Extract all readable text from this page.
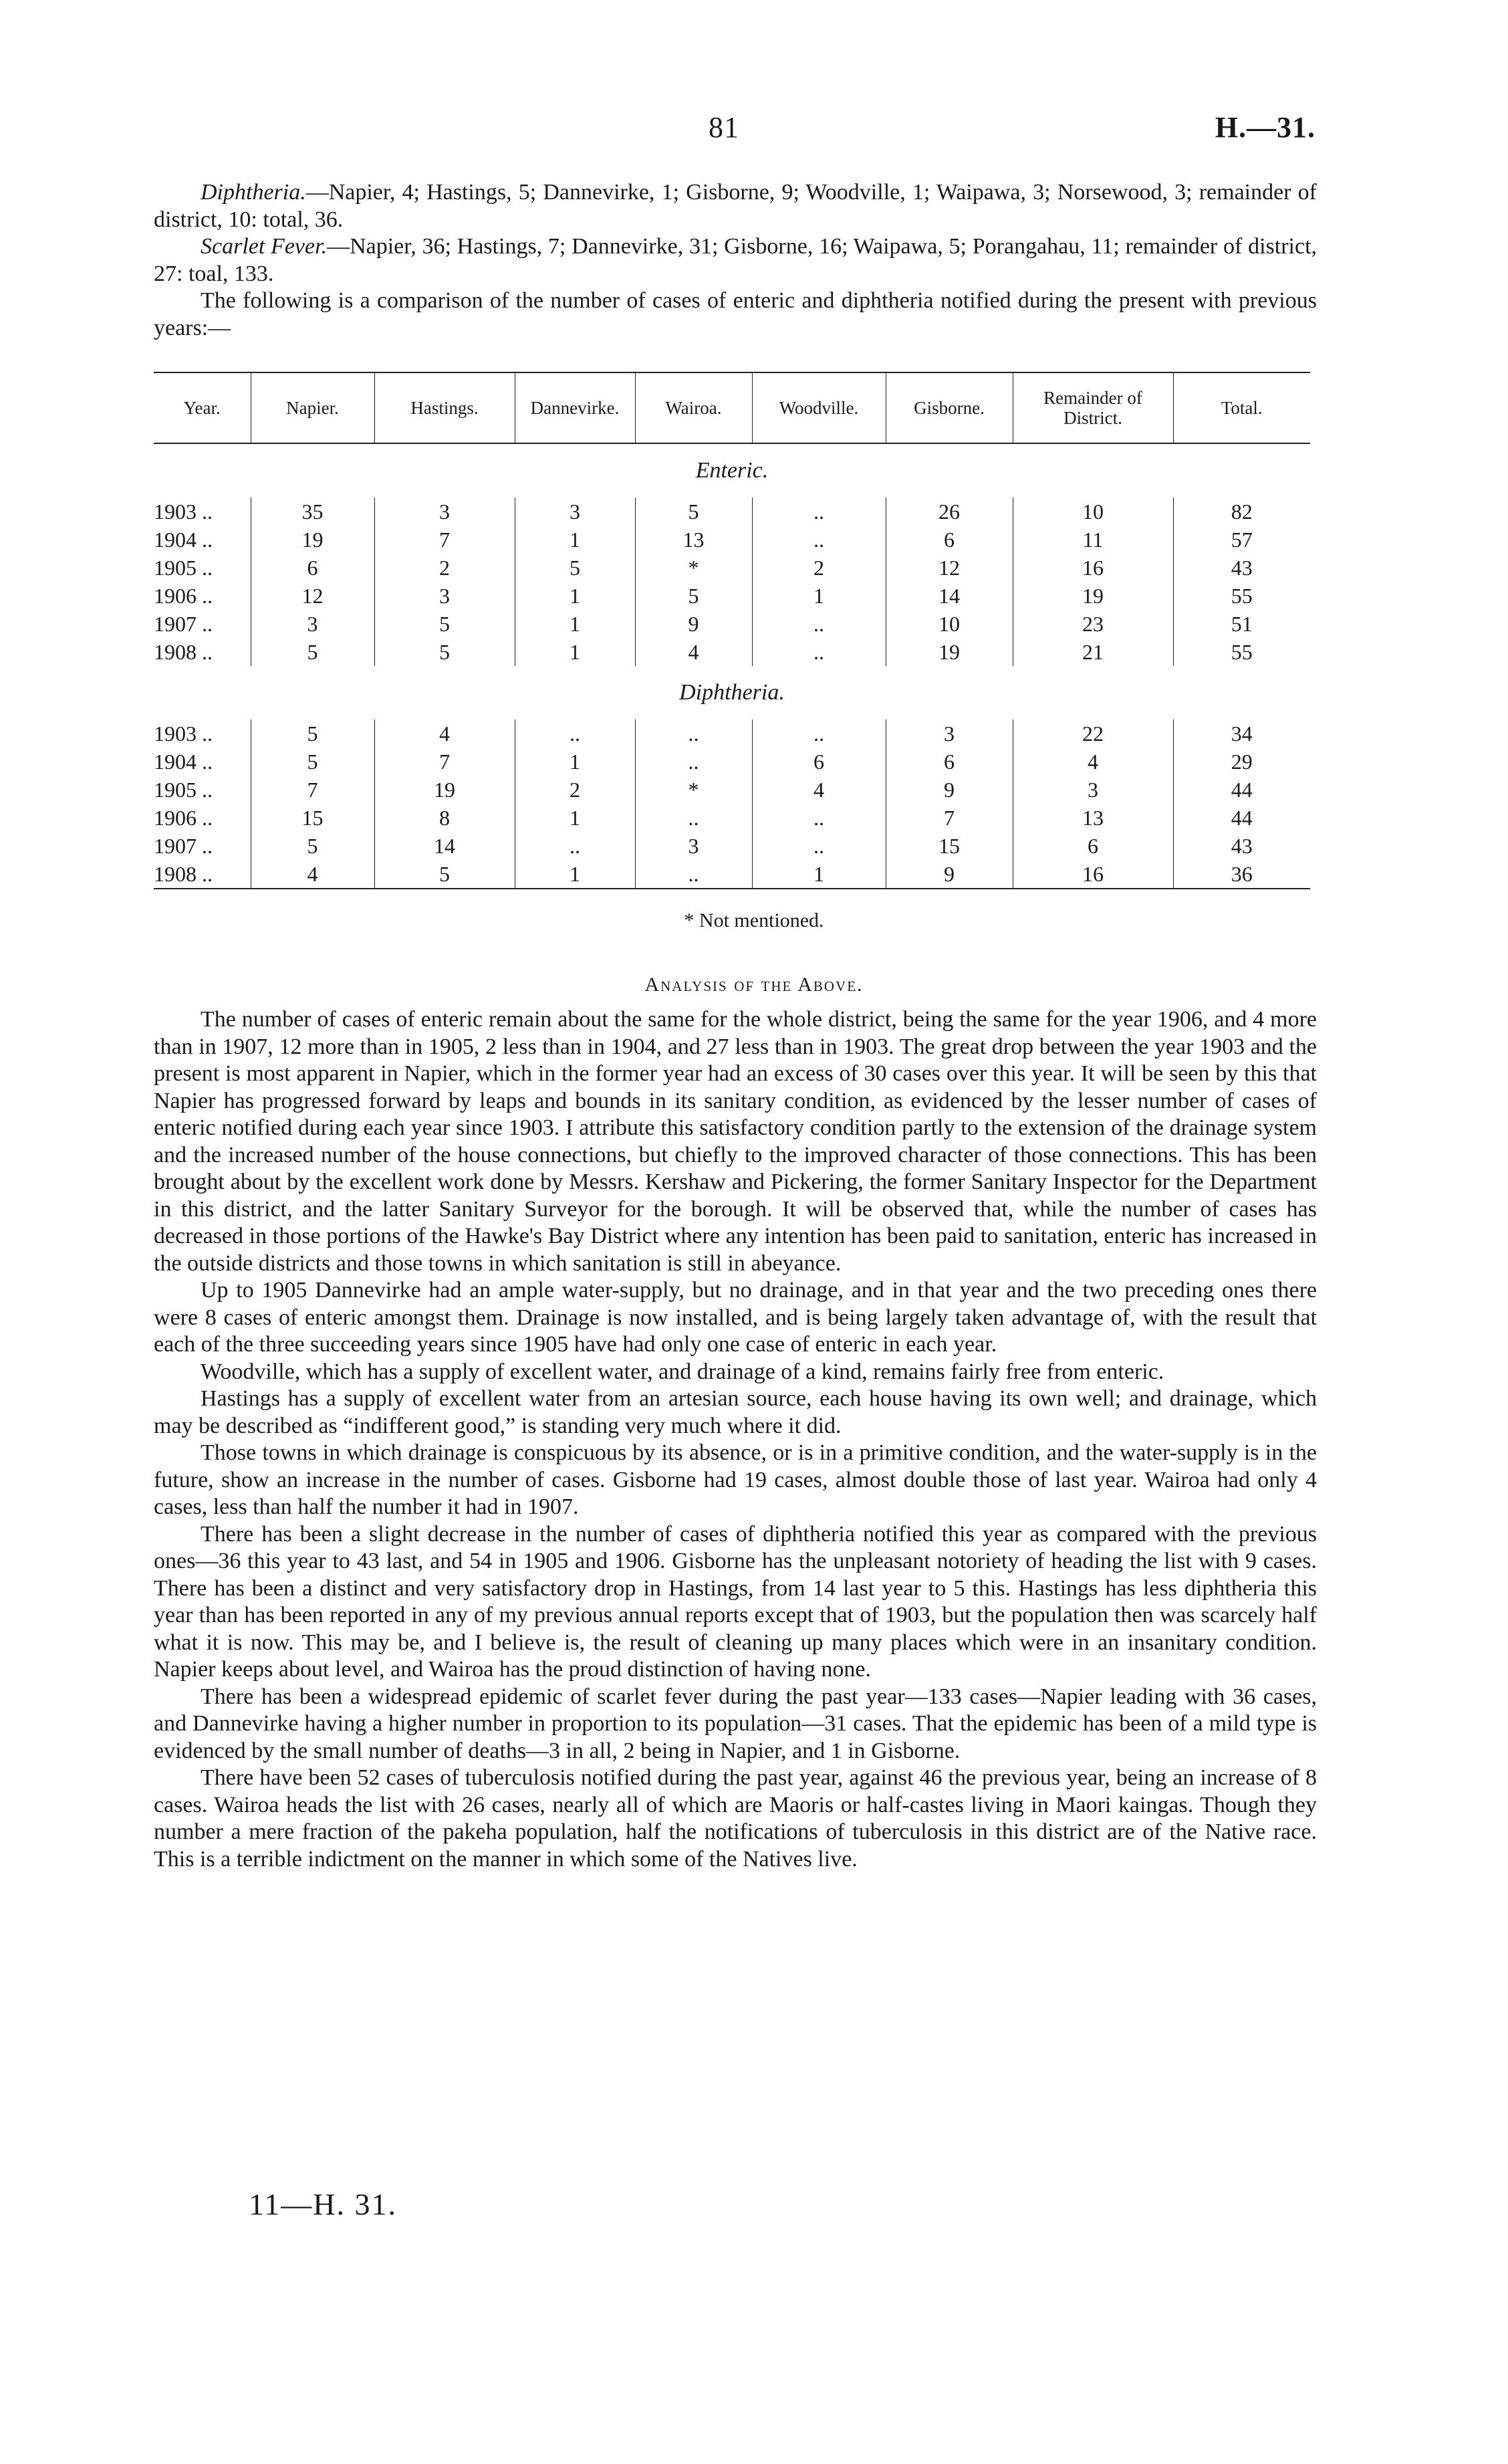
81	H.—31.

Diphtheria.—Napier, 4; Hastings, 5; Dannevirke, 1; Gisborne, 9; Woodville, 1; Waipawa, 3; Norsewood, 3; remainder of district, 10: total, 36.

Scarlet Fever.—Napier, 36; Hastings, 7; Dannevirke, 31; Gisborne, 16; Waipawa, 5; Porangahau, 11; remainder of district, 27: toal, 133.

The following is a comparison of the number of cases of enteric and diphtheria notified during the present with previous years:—

Year.	Napier.	Hastings.	Dannevirke.	Wairoa.	Woodville.	Gisborne.	Remainder of District.	Total.
Enteric.								
1903 ..	35	3	3	5	..	26	10	82
1904 ..	19	7	1	13	..	6	11	57
1905 ..	6	2	5	*	2	12	16	43
1906 ..	12	3	1	5	1	14	19	55
1907 ..	3	5	1	9	..	10	23	51
1908 ..	5	5	1	4	..	19	21	55
Diphtheria.								
1903 ..	5	4	..	..	..	3	22	34
1904 ..	5	7	1	..	6	6	4	29
1905 ..	7	19	2	*	4	9	3	44
1906 ..	15	8	1	..	..	7	13	44
1907 ..	5	14	..	3	..	15	6	43
1908 ..	4	5	1	..	1	9	16	36
* Not mentioned.
Analysis of the Above.

The number of cases of enteric remain about the same for the whole district, being the same for the year 1906, and 4 more than in 1907, 12 more than in 1905, 2 less than in 1904, and 27 less than in 1903. The great drop between the year 1903 and the present is most apparent in Napier, which in the former year had an excess of 30 cases over this year. It will be seen by this that Napier has progressed forward by leaps and bounds in its sanitary condition, as evidenced by the lesser number of cases of enteric notified during each year since 1903. I attribute this satisfactory condition partly to the extension of the drainage system and the increased number of the house connections, but chiefly to the improved character of those connections. This has been brought about by the excellent work done by Messrs. Kershaw and Pickering, the former Sanitary Inspector for the Department in this district, and the latter Sanitary Surveyor for the borough. It will be observed that, while the number of cases has decreased in those portions of the Hawke's Bay District where any intention has been paid to sanitation, enteric has increased in the outside districts and those towns in which sanitation is still in abeyance.

Up to 1905 Dannevirke had an ample water-supply, but no drainage, and in that year and the two preceding ones there were 8 cases of enteric amongst them. Drainage is now installed, and is being largely taken advantage of, with the result that each of the three succeeding years since 1905 have had only one case of enteric in each year.

Woodville, which has a supply of excellent water, and drainage of a kind, remains fairly free from enteric.

Hastings has a supply of excellent water from an artesian source, each house having its own well; and drainage, which may be described as “indifferent good,” is standing very much where it did.

Those towns in which drainage is conspicuous by its absence, or is in a primitive condition, and the water-supply is in the future, show an increase in the number of cases. Gisborne had 19 cases, almost double those of last year. Wairoa had only 4 cases, less than half the number it had in 1907.

There has been a slight decrease in the number of cases of diphtheria notified this year as compared with the previous ones—36 this year to 43 last, and 54 in 1905 and 1906. Gisborne has the unpleasant notoriety of heading the list with 9 cases. There has been a distinct and very satisfactory drop in Hastings, from 14 last year to 5 this. Hastings has less diphtheria this year than has been reported in any of my previous annual reports except that of 1903, but the population then was scarcely half what it is now. This may be, and I believe is, the result of cleaning up many places which were in an insanitary condition. Napier keeps about level, and Wairoa has the proud distinction of having none.

There has been a widespread epidemic of scarlet fever during the past year—133 cases—Napier leading with 36 cases, and Dannevirke having a higher number in proportion to its population—31 cases. That the epidemic has been of a mild type is evidenced by the small number of deaths—3 in all, 2 being in Napier, and 1 in Gisborne.

There have been 52 cases of tuberculosis notified during the past year, against 46 the previous year, being an increase of 8 cases. Wairoa heads the list with 26 cases, nearly all of which are Maoris or half-castes living in Maori kaingas. Though they number a mere fraction of the pakeha population, half the notifications of tuberculosis in this district are of the Native race. This is a terrible indictment on the manner in which some of the Natives live.

11—H. 31.
